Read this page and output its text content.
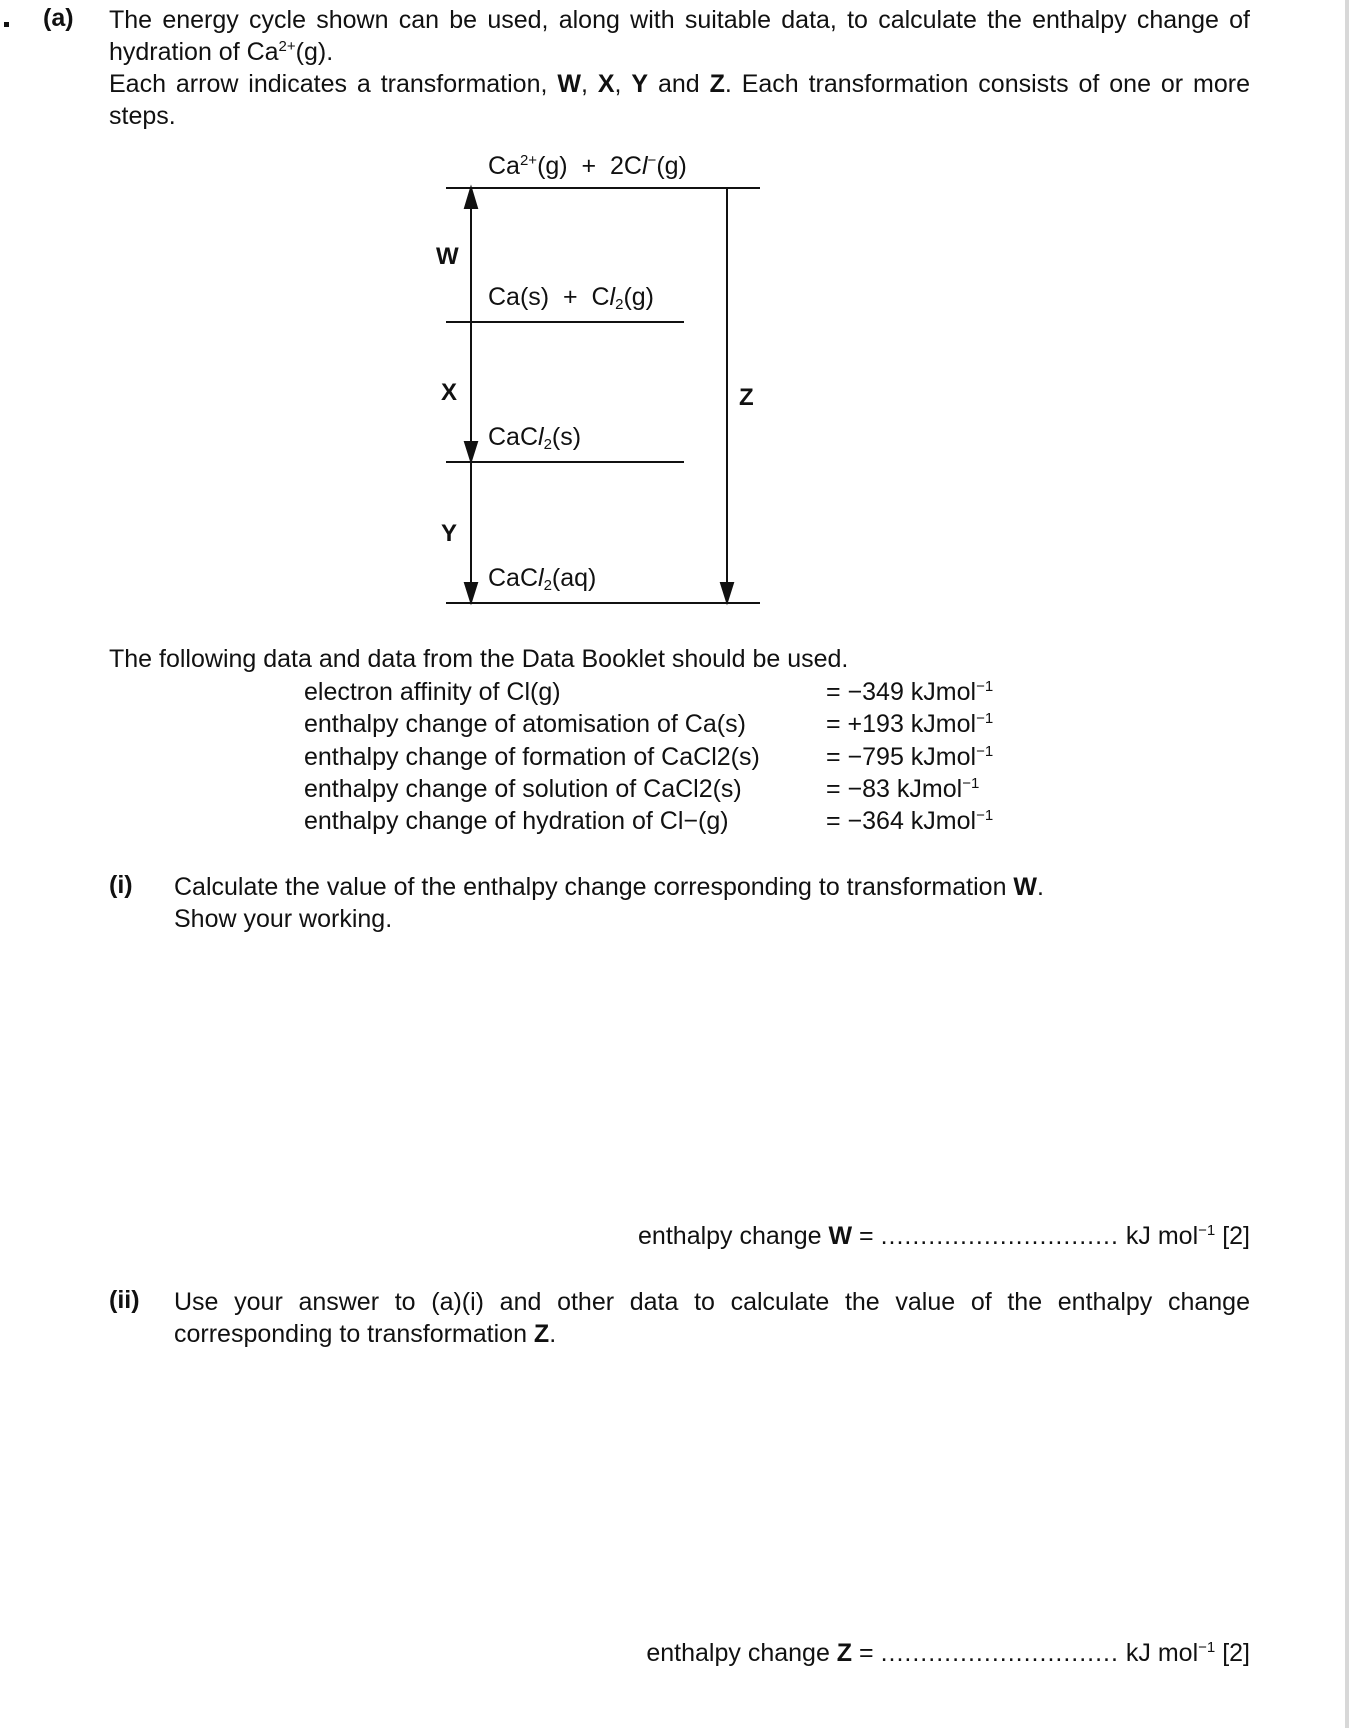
(a) The energy cycle shown can be used, along with suitable data, to calculate the enthalpy change of hydration of $Ca^{2+}(g)$.
Each arrow indicates a transformation, W, X, Y and Z. Each transformation consists of one or more steps.
$Ca^{2+}(g) + 2Cl^-(g)$
$Ca(s) + Cl_2(g)$
CaCl$_2$(s)
CaCl$_2$(aq)
W
X
Y
Z
The following data and data from the Data Booklet should be used.
electron affinity of Cl(g)
enthalpy change of atomisation of Ca(s)
enthalpy change of formation of CaCl2(s)
enthalpy change of solution of CaCl2(s)
enthalpy change of hydration of Cl−(g)
= −349 kJmol$^{-1}$
= +193 kJmol$^{-1}$
= −795 kJmol$^{-1}$
= −83 kJmol$^{-1}$
= −364 kJmol$^{-1}$
(i) Calculate the value of the enthalpy change corresponding to transformation W.
Show your working.
enthalpy change W = .............................. kJ mol$^{-1}$ [2]
(ii) Use your answer to (a)(i) and other data to calculate the value of the enthalpy change corresponding to transformation Z.
enthalpy change Z = .............................. kJ mol$^{-1}$ [2]
